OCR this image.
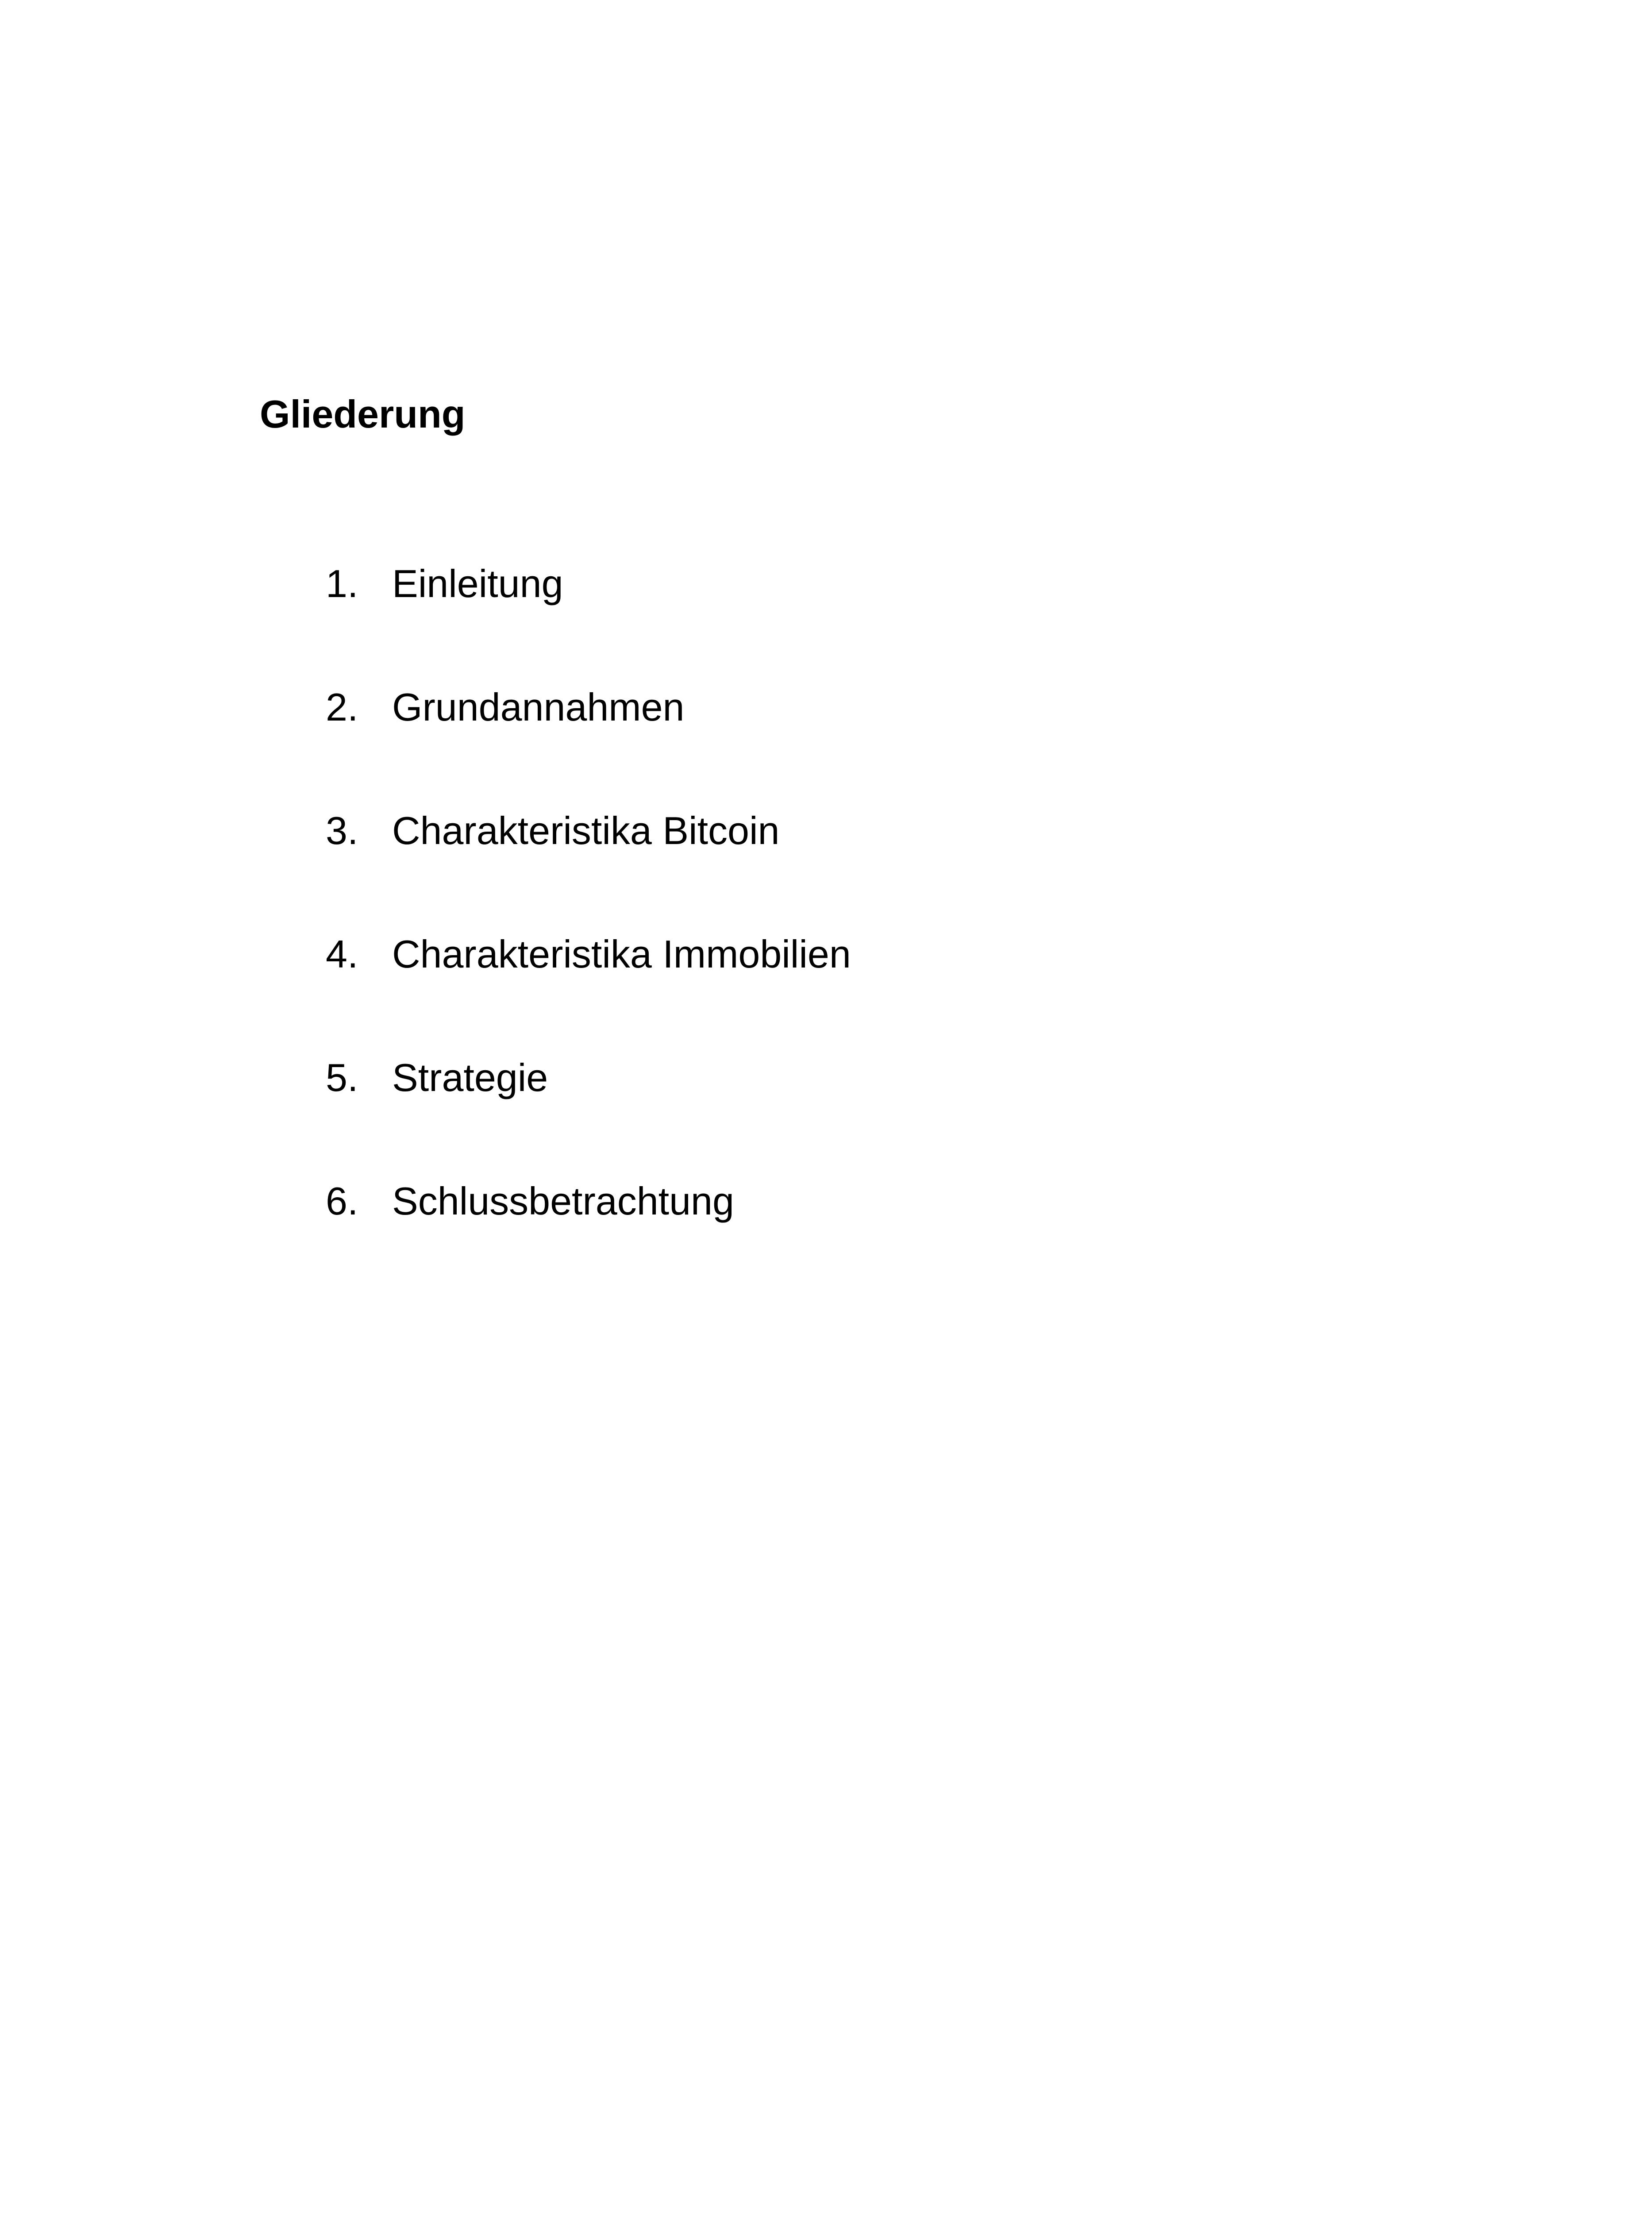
Gliederung
1. Einleitung
2. Grundannahmen
3. Charakteristika Bitcoin
4. Charakteristika Immobilien
5. Strategie
6. Schlussbetrachtung
